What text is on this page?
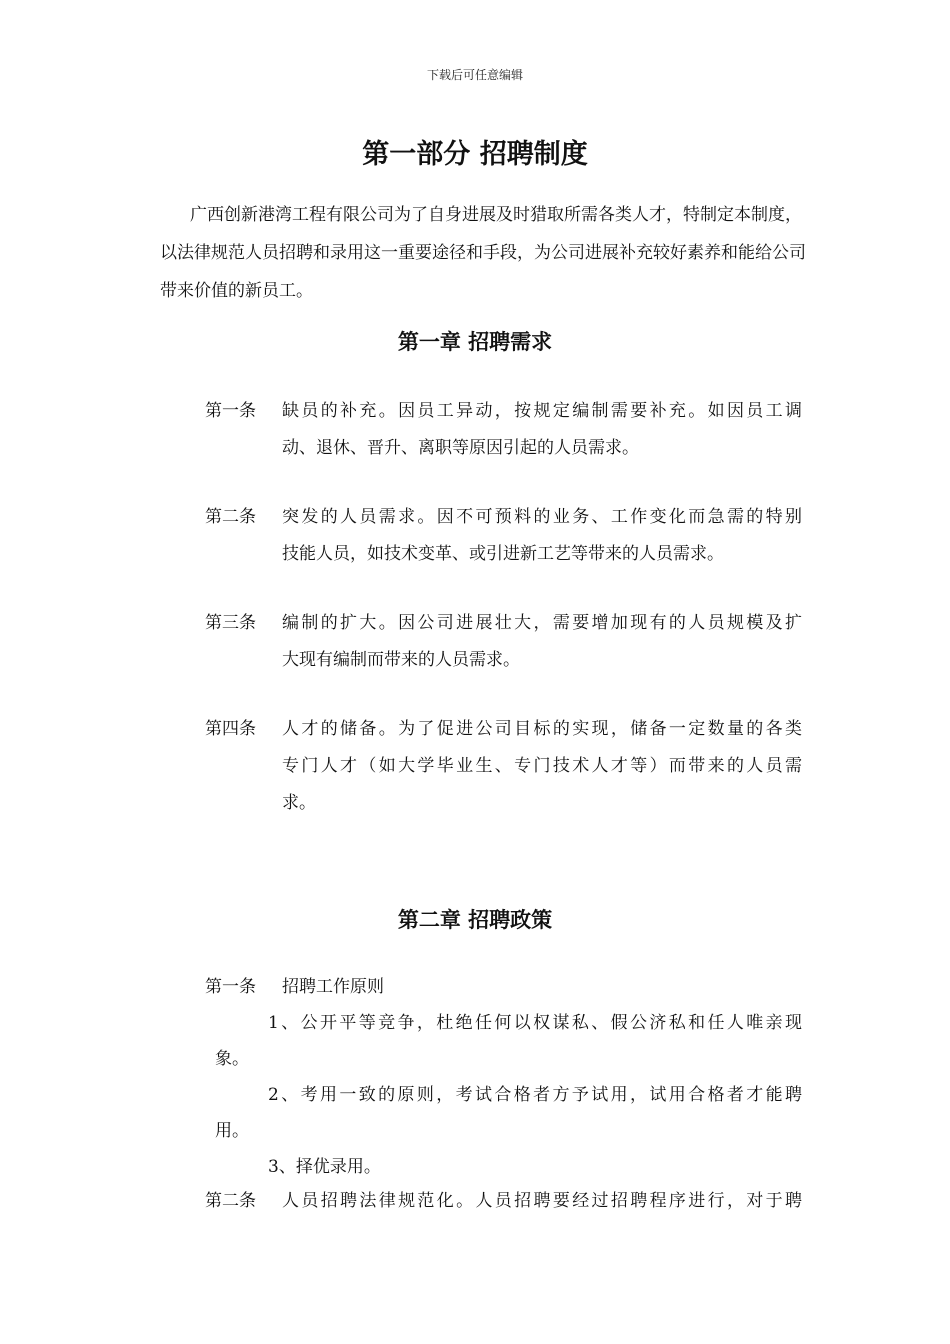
下载后可任意编辑
第一部分 招聘制度
广西创新港湾工程有限公司为了自身进展及时猎取所需各类人才，特制定本制度，
以法律规范人员招聘和录用这一重要途径和手段，为公司进展补充较好素养和能给公司
带来价值的新员工。
第一章 招聘需求
第一条 缺员的补充。因员工异动，按规定编制需要补充。如因员工调
动、退休、晋升、离职等原因引起的人员需求。
第二条 突发的人员需求。因不可预料的业务、工作变化而急需的特别
技能人员，如技术变革、或引进新工艺等带来的人员需求。
第三条 编制的扩大。因公司进展壮大，需要增加现有的人员规模及扩
大现有编制而带来的人员需求。
第四条 人才的储备。为了促进公司目标的实现，储备一定数量的各类
专门人才（如大学毕业生、专门技术人才等）而带来的人员需
求。
第二章 招聘政策
第一条 招聘工作原则
1、公开平等竞争，杜绝任何以权谋私、假公济私和任人唯亲现
象。
2、考用一致的原则，考试合格者方予试用，试用合格者才能聘
用。
3、择优录用。
第二条 人员招聘法律规范化。人员招聘要经过招聘程序进行，对于聘
